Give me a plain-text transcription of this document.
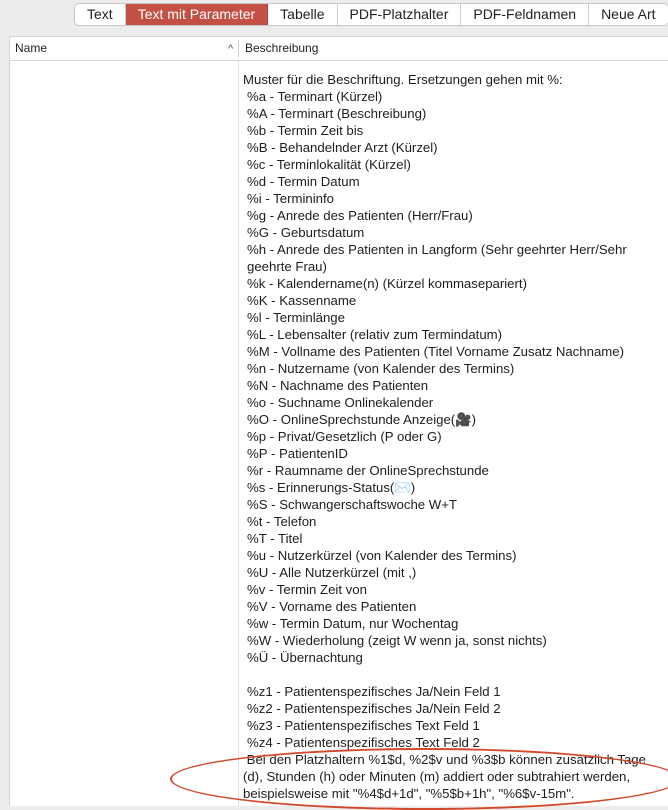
Text	Text mit Parameter	Tabelle	PDF-Platzhalter	PDF-Feldnamen	Neue Art
Name	^ Beschreibung
Muster für die Beschriftung. Ersetzungen gehen mit %:
%a - Terminart (Kürzel)
%A - Terminart (Beschreibung)
%b - Termin Zeit bis
%B - Behandelnder Arzt (Kürzel)
%c - Terminlokalität (Kürzel)
%d - Termin Datum
%i - Termininfo
%g - Anrede des Patienten (Herr/Frau)
%G - Geburtsdatum
%h - Anrede des Patienten in Langform (Sehr geehrter Herr/Sehr geehrte Frau)
%k - Kalendername(n) (Kürzel kommasepariert)
%K - Kassenname
%l - Terminlänge
%L - Lebensalter (relativ zum Termindatum)
%M - Vollname des Patienten (Titel Vorname Zusatz Nachname)
%n - Nutzername (von Kalender des Termins)
%N - Nachname des Patienten
%o - Suchname Onlinekalender
%O - OnlineSprechstunde Anzeige(🎥)
%p - Privat/Gesetzlich (P oder G)
%P - PatientenID
%r - Raumname der OnlineSprechstunde
%s - Erinnerungs-Status(✉️)
%S - Schwangerschaftswoche W+T
%t - Telefon
%T - Titel
%u - Nutzerkürzel (von Kalender des Termins)
%U - Alle Nutzerkürzel (mit ,)
%v - Termin Zeit von
%V - Vorname des Patienten
%w - Termin Datum, nur Wochentag
%W - Wiederholung (zeigt W wenn ja, sonst nichts)
%Ü - Übernachtung
%z1 - Patientenspezifisches Ja/Nein Feld 1
%z2 - Patientenspezifisches Ja/Nein Feld 2
%z3 - Patientenspezifisches Text Feld 1
%z4 - Patientenspezifisches Text Feld 2
Bei den Platzhaltern %1$d, %2$v und %3$b können zusätzlich Tage
(d), Stunden (h) oder Minuten (m) addiert oder subtrahiert werden,
beispielsweise mit "%4$d+1d", "%5$b+1h", "%6$v-15m".
